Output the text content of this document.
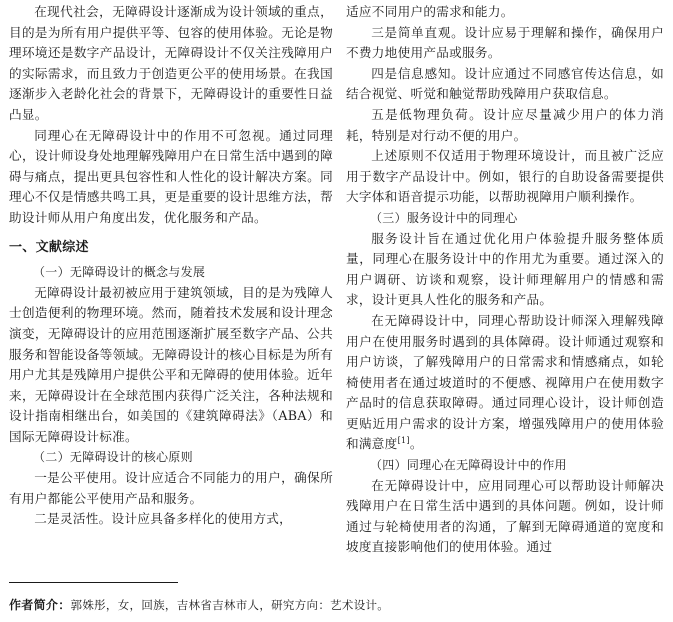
在现代社会，无障碍设计逐渐成为设计领域的重点，目的是为所有用户提供平等、包容的使用体验。无论是物理环境还是数字产品设计，无障碍设计不仅关注残障用户的实际需求，而且致力于创造更公平的使用场景。在我国逐渐步入老龄化社会的背景下，无障碍设计的重要性日益凸显。

同理心在无障碍设计中的作用不可忽视。通过同理心，设计师设身处地理解残障用户在日常生活中遇到的障碍与痛点，提出更具包容性和人性化的设计解决方案。同理心不仅是情感共鸣工具，更是重要的设计思维方法，帮助设计师从用户角度出发，优化服务和产品。

一、文献综述
（一）无障碍设计的概念与发展

无障碍设计最初被应用于建筑领域，目的是为残障人士创造便利的物理环境。然而，随着技术发展和设计理念演变，无障碍设计的应用范围逐渐扩展至数字产品、公共服务和智能设备等领域。无障碍设计的核心目标是为所有用户尤其是残障用户提供公平和无障碍的使用体验。近年来，无障碍设计在全球范围内获得广泛关注，各种法规和设计指南相继出台，如美国的《建筑障碍法》（ABA）和国际无障碍设计标准。

（二）无障碍设计的核心原则

一是公平使用。设计应适合不同能力的用户，确保所有用户都能公平使用产品和服务。

二是灵活性。设计应具备多样化的使用方式，

适应不同用户的需求和能力。

三是简单直观。设计应易于理解和操作，确保用户不费力地使用产品或服务。

四是信息感知。设计应通过不同感官传达信息，如结合视觉、听觉和触觉帮助残障用户获取信息。

五是低物理负荷。设计应尽量减少用户的体力消耗，特别是对行动不便的用户。

上述原则不仅适用于物理环境设计，而且被广泛应用于数字产品设计中。例如，银行的自助设备需要提供大字体和语音提示功能，以帮助视障用户顺利操作。

（三）服务设计中的同理心

服务设计旨在通过优化用户体验提升服务整体质量，同理心在服务设计中的作用尤为重要。通过深入的用户调研、访谈和观察，设计师理解用户的情感和需求，设计更具人性化的服务和产品。

在无障碍设计中，同理心帮助设计师深入理解残障用户在使用服务时遇到的具体障碍。设计师通过观察和用户访谈，了解残障用户的日常需求和情感痛点，如轮椅使用者在通过坡道时的不便感、视障用户在使用数字产品时的信息获取障碍。通过同理心设计，设计师创造更贴近用户需求的设计方案，增强残障用户的使用体验和满意度[1]。

（四）同理心在无障碍设计中的作用

在无障碍设计中，应用同理心可以帮助设计师解决残障用户在日常生活中遇到的具体问题。例如，设计师通过与轮椅使用者的沟通，了解到无障碍通道的宽度和坡度直接影响他们的使用体验。通过

作者简介：郭姝彤，女，回族，吉林省吉林市人，研究方向：艺术设计。
